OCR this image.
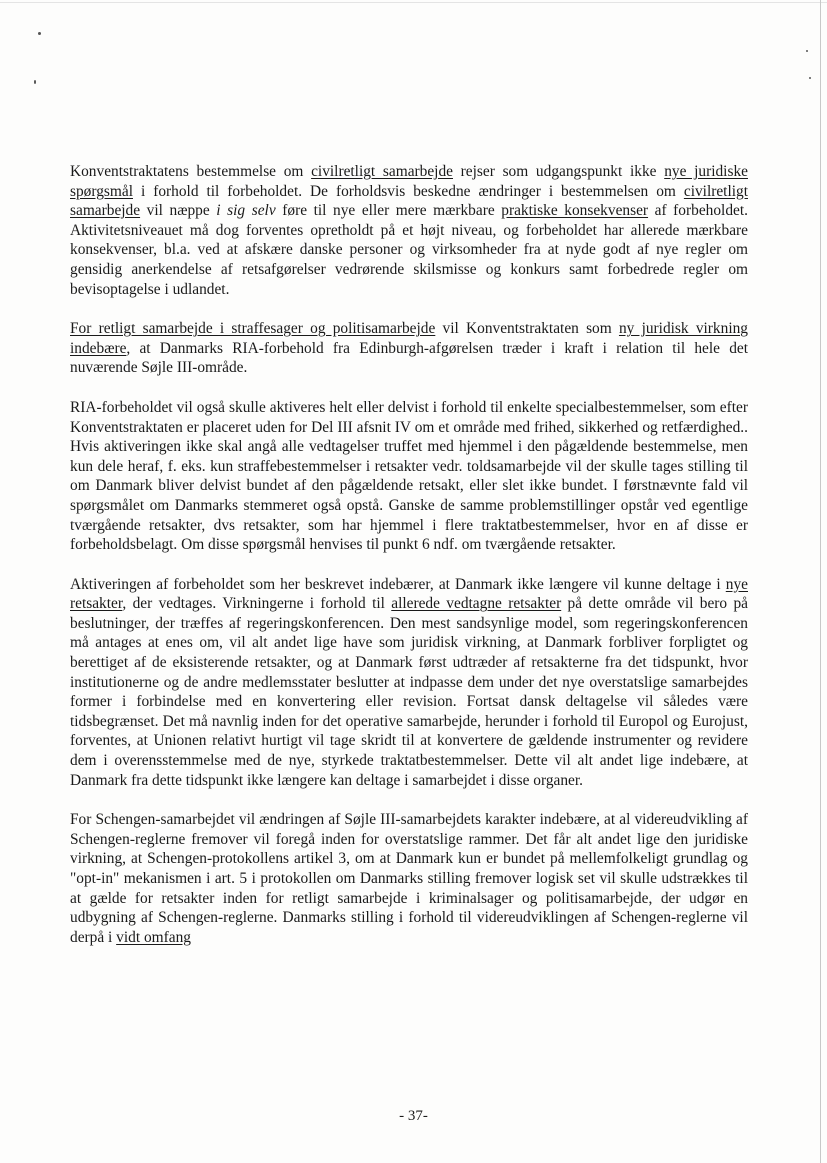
Konventstraktatens bestemmelse om civilretligt samarbejde rejser som udgangspunkt ikke nye juridiske spørgsmål i forhold til forbeholdet. De forholdsvis beskedne ændringer i bestemmelsen om civilretligt samarbejde vil næppe i sig selv føre til nye eller mere mærkbare praktiske konsekvenser af forbeholdet. Aktivitetsniveauet må dog forventes opretholdt på et højt niveau, og forbeholdet har allerede mærkbare konsekvenser, bl.a. ved at afskære danske personer og virksomheder fra at nyde godt af nye regler om gensidig anerkendelse af retsafgørelser vedrørende skilsmisse og konkurs samt forbedrede regler om bevisoptagelse i udlandet.

For retligt samarbejde i straffesager og politisamarbejde vil Konventstraktaten som ny juridisk virkning indebære, at Danmarks RIA-forbehold fra Edinburgh-afgørelsen træder i kraft i relation til hele det nuværende Søjle III-område.

RIA-forbeholdet vil også skulle aktiveres helt eller delvist i forhold til enkelte specialbestemmelser, som efter Konventstraktaten er placeret uden for Del III afsnit IV om et område med frihed, sikkerhed og retfærdighed.. Hvis aktiveringen ikke skal angå alle vedtagelser truffet med hjemmel i den pågældende bestemmelse, men kun dele heraf, f. eks. kun straffebestemmelser i retsakter vedr. toldsamarbejde vil der skulle tages stilling til om Danmark bliver delvist bundet af den pågældende retsakt, eller slet ikke bundet. I førstnævnte fald vil spørgsmålet om Danmarks stemmeret også opstå. Ganske de samme problemstillinger opstår ved egentlige tværgående retsakter, dvs retsakter, som har hjemmel i flere traktatbestemmelser, hvor en af disse er forbeholdsbelagt. Om disse spørgsmål henvises til punkt 6 ndf. om tværgående retsakter.

Aktiveringen af forbeholdet som her beskrevet indebærer, at Danmark ikke længere vil kunne deltage i nye retsakter, der vedtages. Virkningerne i forhold til allerede vedtagne retsakter på dette område vil bero på beslutninger, der træffes af regeringskonferencen. Den mest sandsynlige model, som regeringskonferencen må antages at enes om, vil alt andet lige have som juridisk virkning, at Danmark forbliver forpligtet og berettiget af de eksisterende retsakter, og at Danmark først udtræder af retsakterne fra det tidspunkt, hvor institutionerne og de andre medlemsstater beslutter at indpasse dem under det nye overstatslige samarbejdes former i forbindelse med en konvertering eller revision. Fortsat dansk deltagelse vil således være tidsbegrænset. Det må navnlig inden for det operative samarbejde, herunder i forhold til Europol og Eurojust, forventes, at Unionen relativt hurtigt vil tage skridt til at konvertere de gældende instrumenter og revidere dem i overensstemmelse med de nye, styrkede traktatbestemmelser. Dette vil alt andet lige indebære, at Danmark fra dette tidspunkt ikke længere kan deltage i samarbejdet i disse organer.

For Schengen-samarbejdet vil ændringen af Søjle III-samarbejdets karakter indebære, at al videreudvikling af Schengen-reglerne fremover vil foregå inden for overstatslige rammer. Det får alt andet lige den juridiske virkning, at Schengen-protokollens artikel 3, om at Danmark kun er bundet på mellemfolkeligt grundlag og "opt-in" mekanismen i art. 5 i protokollen om Danmarks stilling fremover logisk set vil skulle udstrækkes til at gælde for retsakter inden for retligt samarbejde i kriminalsager og politisamarbejde, der udgør en udbygning af Schengen-reglerne. Danmarks stilling i forhold til videreudviklingen af Schengen-reglerne vil derpå i vidt omfang

- 37-
